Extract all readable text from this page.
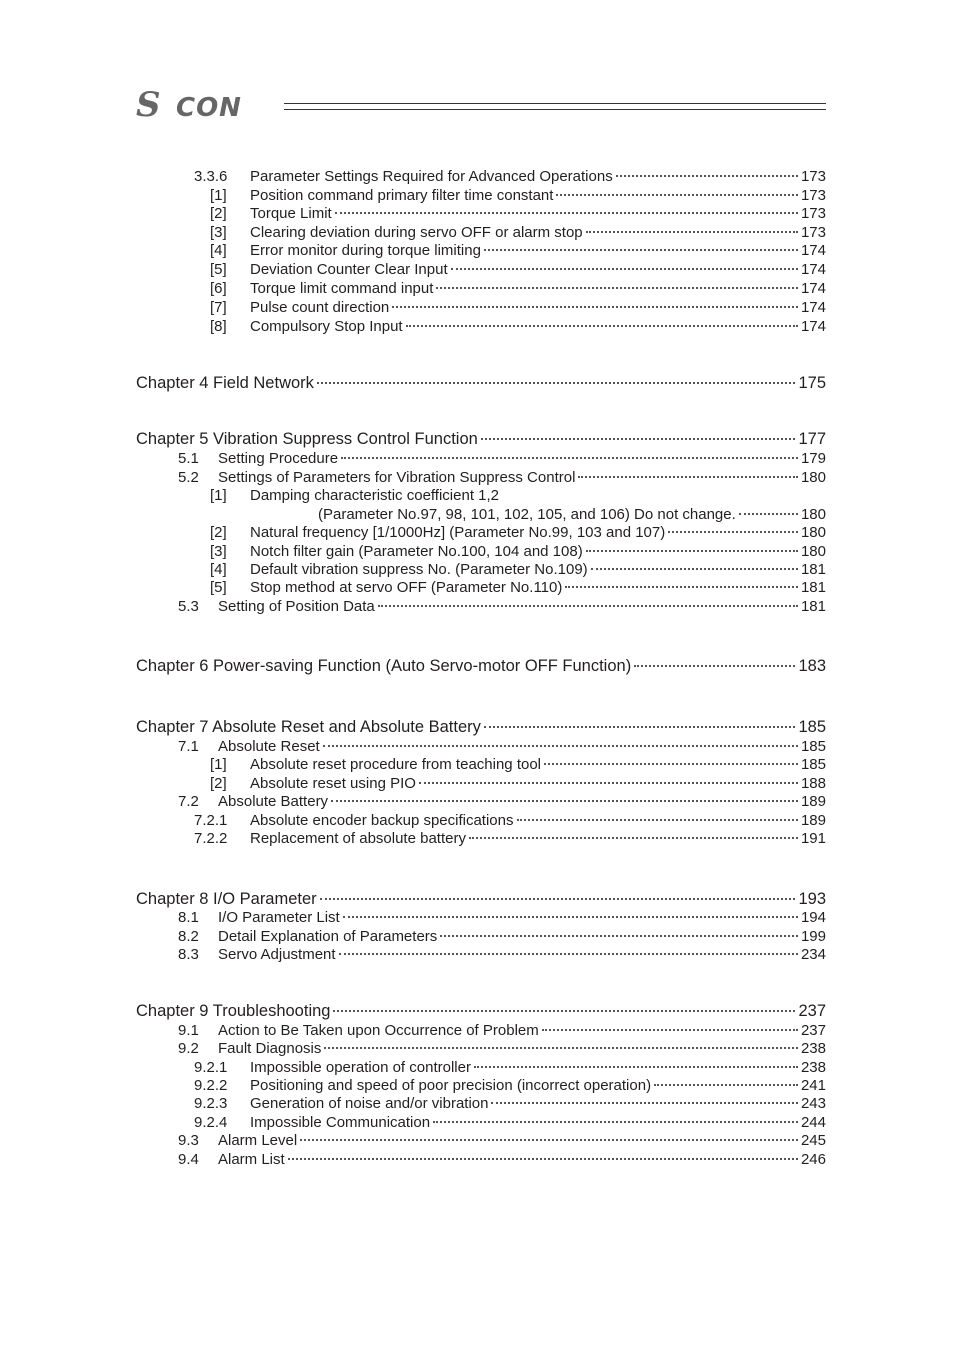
S CON
3.3.6	Parameter Settings Required for Advanced Operations	173
[1]	Position command primary filter time constant	173
[2]	Torque Limit	173
[3]	Clearing deviation during servo OFF or alarm stop	173
[4]	Error monitor during torque limiting	174
[5]	Deviation Counter Clear Input	174
[6]	Torque limit command input	174
[7]	Pulse count direction	174
[8]	Compulsory Stop Input	174
Chapter 4 Field Network	175
Chapter 5 Vibration Suppress Control Function	177
5.1	Setting Procedure	179
5.2	Settings of Parameters for Vibration Suppress Control	180
[1]	Damping characteristic coefficient 1,2
(Parameter No.97, 98, 101, 102, 105, and 106) Do not change.	180
[2]	Natural frequency [1/1000Hz] (Parameter No.99, 103 and 107)	180
[3]	Notch filter gain (Parameter No.100, 104 and 108)	180
[4]	Default vibration suppress No. (Parameter No.109)	181
[5]	Stop method at servo OFF (Parameter No.110)	181
5.3	Setting of Position Data	181
Chapter 6 Power-saving Function (Auto Servo-motor OFF Function)	183
Chapter 7 Absolute Reset and Absolute Battery	185
7.1	Absolute Reset	185
[1]	Absolute reset procedure from teaching tool	185
[2]	Absolute reset using PIO	188
7.2	Absolute Battery	189
7.2.1	Absolute encoder backup specifications	189
7.2.2	Replacement of absolute battery	191
Chapter 8 I/O Parameter	193
8.1	I/O Parameter List	194
8.2	Detail Explanation of Parameters	199
8.3	Servo Adjustment	234
Chapter 9 Troubleshooting	237
9.1	Action to Be Taken upon Occurrence of Problem	237
9.2	Fault Diagnosis	238
9.2.1	Impossible operation of controller	238
9.2.2	Positioning and speed of poor precision (incorrect operation)	241
9.2.3	Generation of noise and/or vibration	243
9.2.4	Impossible Communication	244
9.3	Alarm Level	245
9.4	Alarm List	246
